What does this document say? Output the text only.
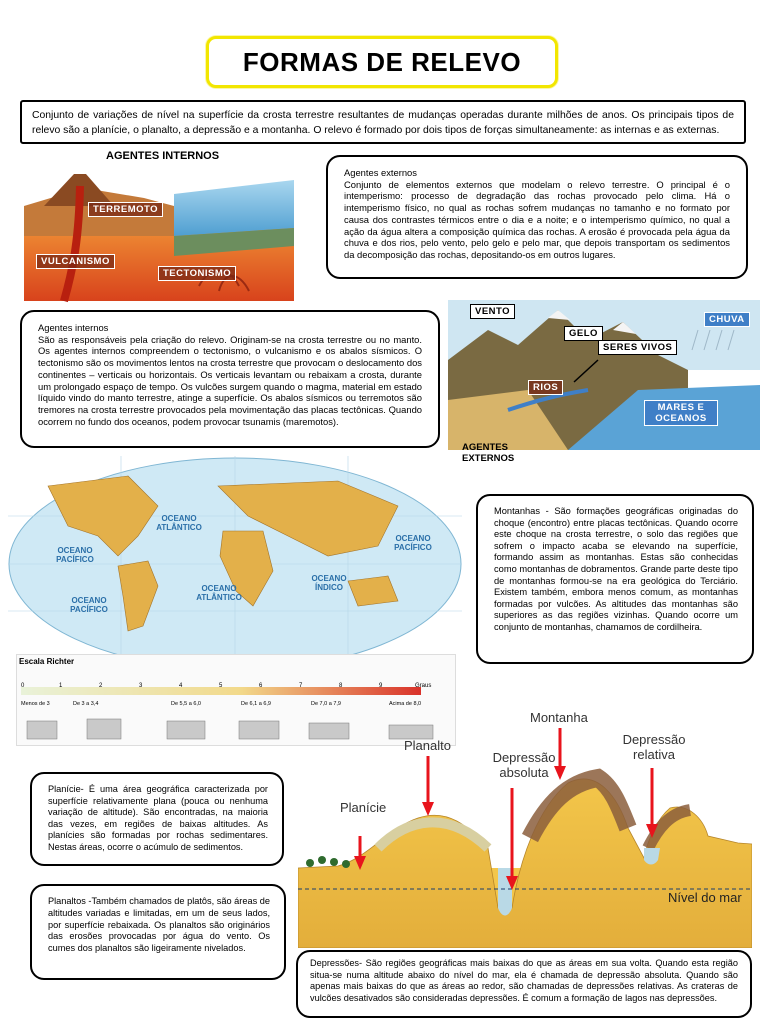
FORMAS DE RELEVO
Conjunto de variações de nível na superfície da crosta terrestre resultantes de mudanças operadas durante milhões de anos. Os principais tipos de relevo são a planície, o planalto, a depressão e a montanha. O relevo é formado por dois tipos de forças simultaneamente: as internas e as externas.
AGENTES INTERNOS
TERREMOTO
VULCANISMO
TECTONISMO
Agentes externos
Conjunto de elementos externos que modelam o relevo terrestre. O principal é o intemperismo: processo de degradação das rochas provocado pelo clima. Há o intemperismo físico, no qual as rochas sofrem mudanças no tamanho e no formato por causa dos contrastes térmicos entre o dia e a noite; e o intemperismo químico, no qual a ação da água altera a composição química das rochas. A erosão é provocada pela água da chuva e dos rios, pelo vento, pelo gelo e pelo mar, que depois transportam os sedimentos da decomposição das rochas, depositando-os em outros lugares.
Agentes internos
São as responsáveis pela criação do relevo. Originam-se na crosta terrestre ou no manto. Os agentes internos compreendem o tectonismo, o vulcanismo e os abalos sísmicos. O tectonismo são os movimentos lentos na crosta terrestre que provocam o deslocamento dos continentes – verticais ou horizontais. Os verticais levantam ou rebaixam a crosta, durante um prolongado espaço de tempo. Os vulcões surgem quando o magma, material em estado líquido vindo do manto terrestre, atinge a superfície. Os abalos sísmicos ou terremotos são tremores na crosta terrestre provocados pela movimentação das placas tectônicas. Quando ocorrem no fundo dos oceanos, podem provocar tsunamis (maremotos).
VENTO
GELO
SERES VIVOS
CHUVA
RIOS
MARES E OCEANOS
AGENTES EXTERNOS
OCEANO ATLÂNTICO
OCEANO PACÍFICO
OCEANO ÍNDICO
OCEANO ATLÂNTICO
OCEANO PACÍFICO
OCEANO PACÍFICO
Escala Richter
0	1	2	3	4	5	6	7	8	9	Graus
Menos de 3	De 3 a 3,4	De 5,5 a 6,0	De 6,1 a 6,9	De 7,0 a 7,9	Acima de 8,0
Montanhas - São formações geográficas originadas do choque (encontro) entre placas tectônicas. Quando ocorre este choque na crosta terrestre, o solo das regiões que sofrem o impacto acaba se elevando na superfície, formando assim as montanhas. Estas são conhecidas como montanhas de dobramentos. Grande parte deste tipo de montanhas formou-se na era geológica do Terciário. Existem também, embora menos comum, as montanhas formadas por vulcões. As altitudes das montanhas são superiores as das regiões vizinhas. Quando ocorre um conjunto de montanhas, chamamos de cordilheira.
Planalto
Planície
Montanha
Depressão
absoluta
Depressão
relativa
Nível do mar
Planície- É uma área geográfica caracterizada por superfície relativamente plana (pouca ou nenhuma variação de altitude). São encontradas, na maioria das vezes, em regiões de baixas altitudes. As planícies são formadas por rochas sedimentares. Nestas áreas, ocorre o acúmulo de sedimentos.
Planaltos -Também chamados de platôs, são áreas de altitudes variadas e limitadas, em um de seus lados, por superfície rebaixada. Os planaltos são originários das erosões provocadas por água do vento. Os cumes dos planaltos são ligeiramente nivelados.
Depressões- São regiões geográficas mais baixas do que as áreas em sua volta. Quando esta região situa-se numa altitude abaixo do nível do mar, ela é chamada de depressão absoluta. Quando são apenas mais baixas do que as áreas ao redor, são chamadas de depressões relativas. As crateras de vulcões desativados são consideradas depressões. É comum a formação de lagos nas depressões.
